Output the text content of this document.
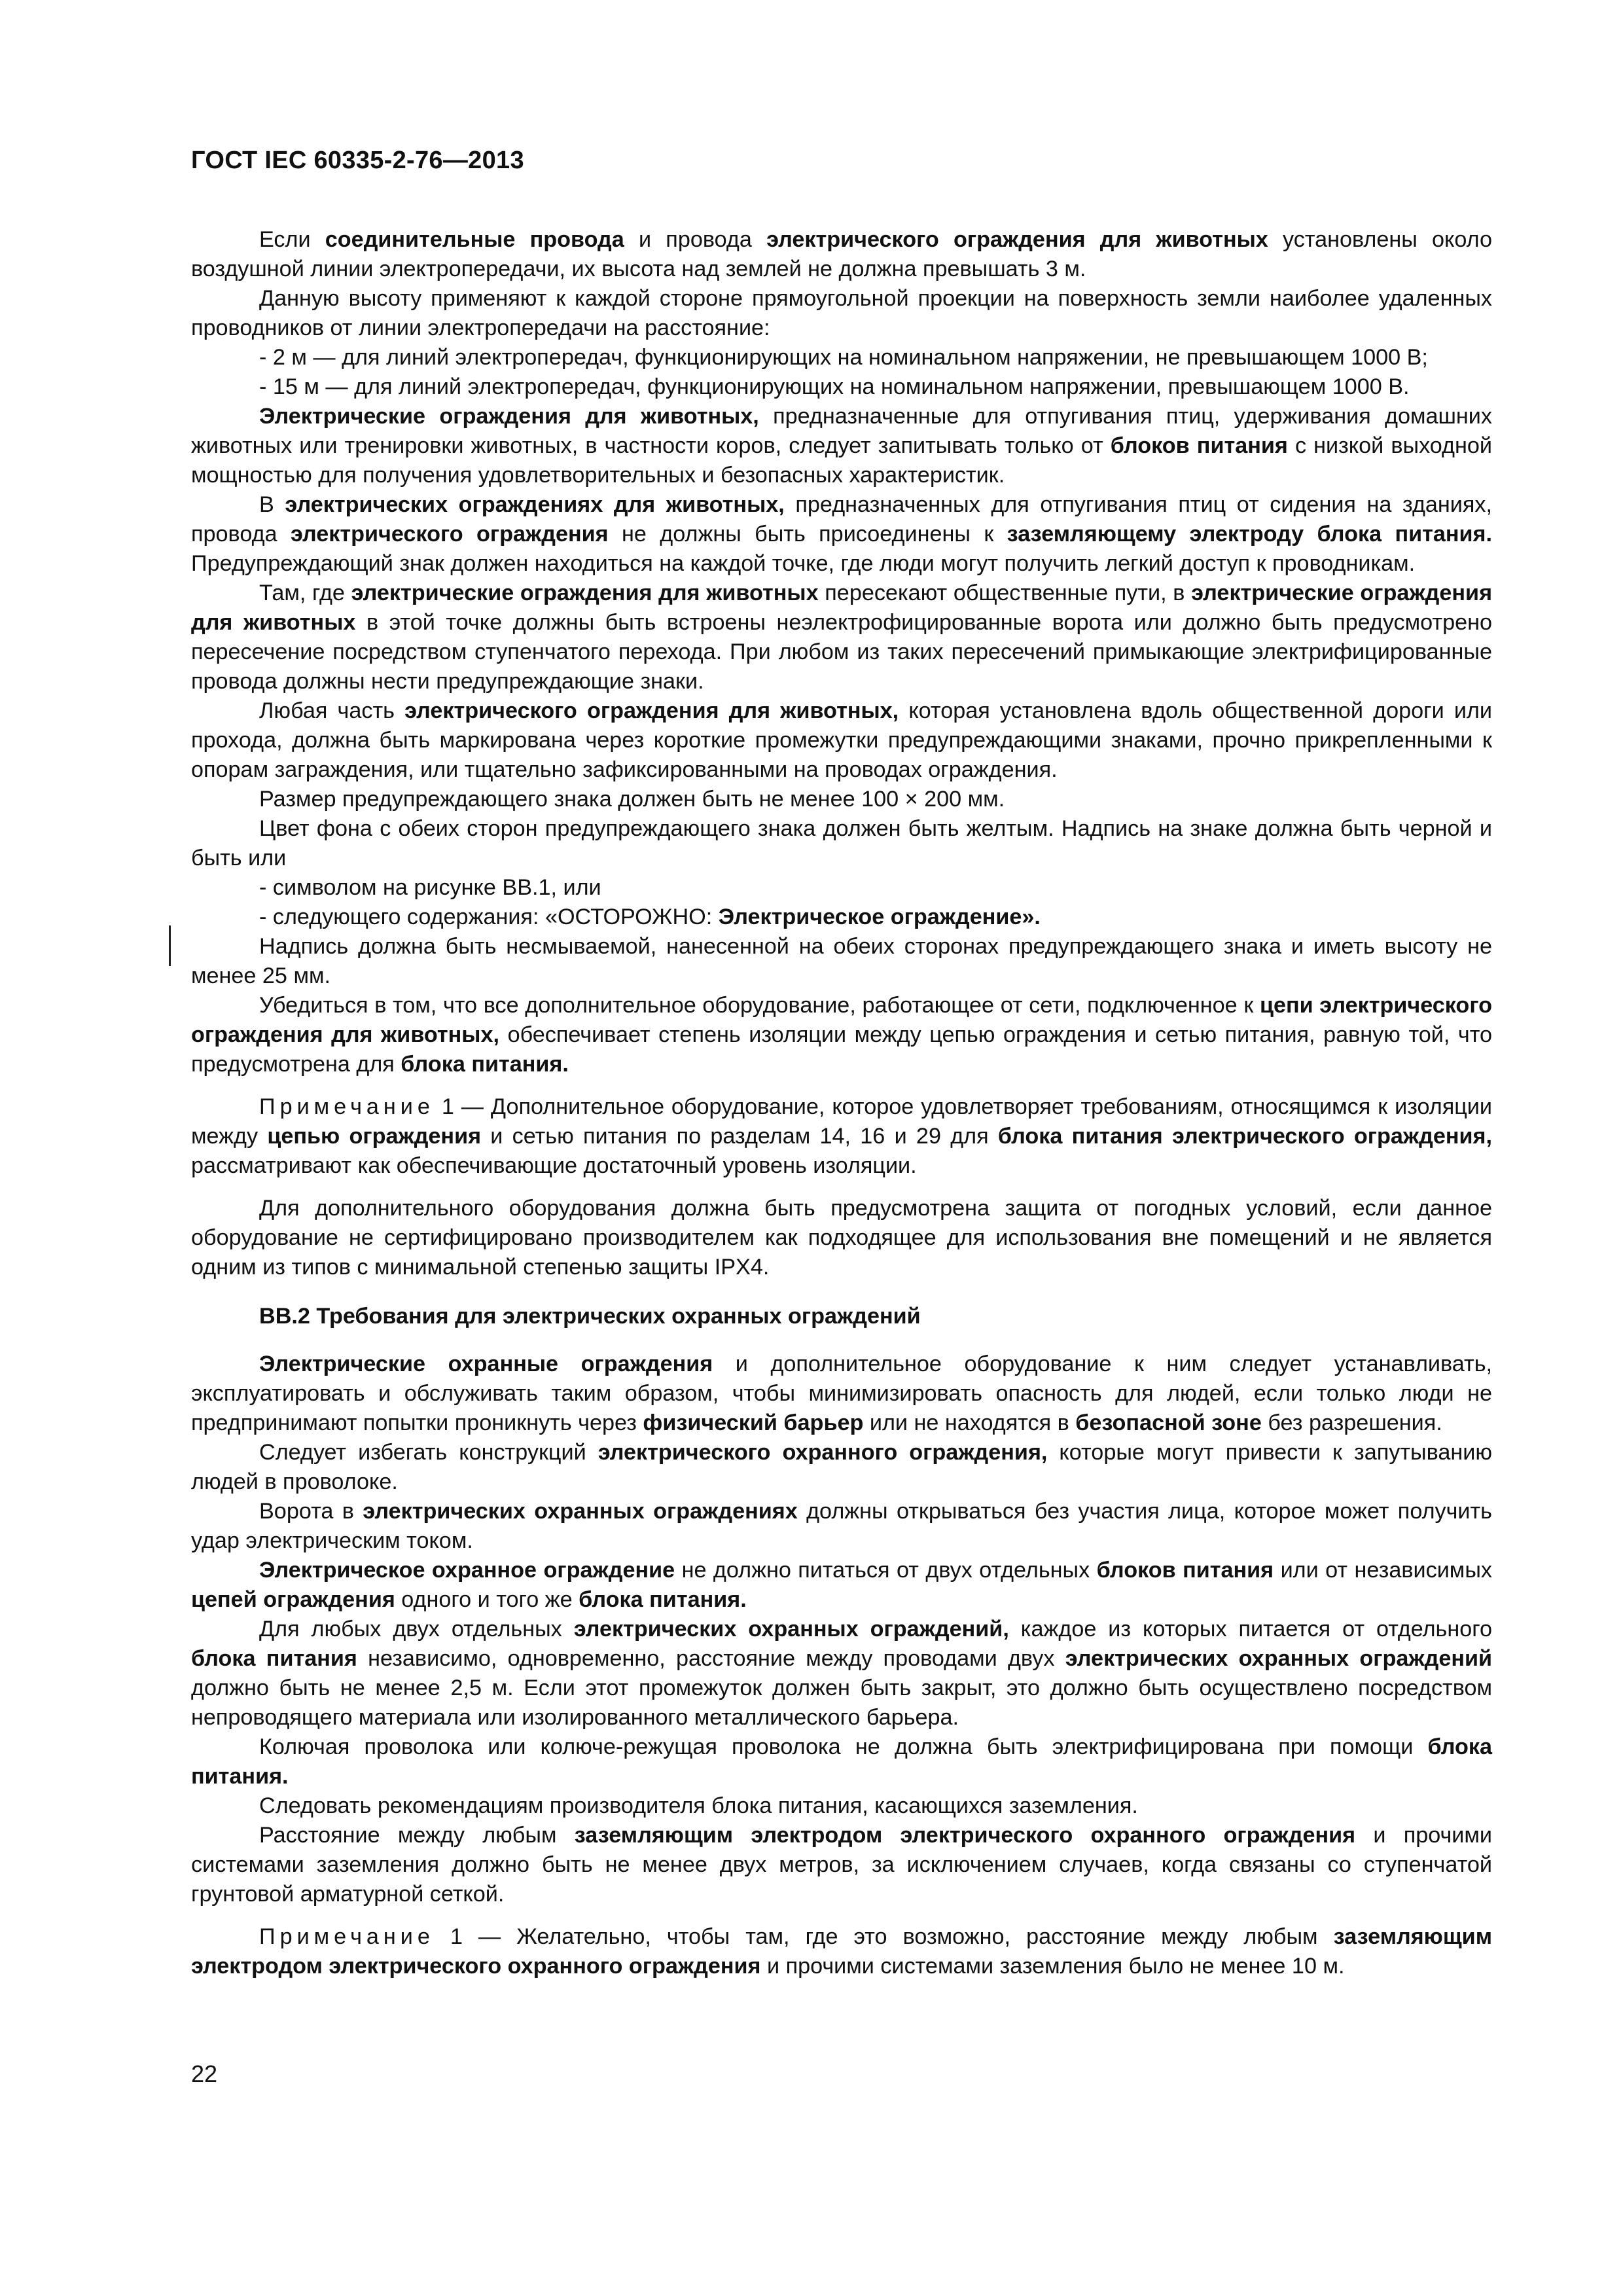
ГОСТ IEC 60335-2-76—2013

Если соединительные провода и провода электрического ограждения для животных установлены около воздушной линии электропередачи, их высота над землей не должна превышать 3 м.

Данную высоту применяют к каждой стороне прямоугольной проекции на поверхность земли наиболее удаленных проводников от линии электропередачи на расстояние:

- 2 м — для линий электропередач, функционирующих на номинальном напряжении, не превышающем 1000 В;

- 15 м — для линий электропередач, функционирующих на номинальном напряжении, превышающем 1000 В.

Электрические ограждения для животных, предназначенные для отпугивания птиц, удерживания домашних животных или тренировки животных, в частности коров, следует запитывать только от блоков питания с низкой выходной мощностью для получения удовлетворительных и безопасных характеристик.

В электрических ограждениях для животных, предназначенных для отпугивания птиц от сидения на зданиях, провода электрического ограждения не должны быть присоединены к заземляющему электроду блока питания. Предупреждающий знак должен находиться на каждой точке, где люди могут получить легкий доступ к проводникам.

Там, где электрические ограждения для животных пересекают общественные пути, в электрические ограждения для животных в этой точке должны быть встроены неэлектрофицированные ворота или должно быть предусмотрено пересечение посредством ступенчатого перехода. При любом из таких пересечений примыкающие электрифицированные провода должны нести предупреждающие знаки.

Любая часть электрического ограждения для животных, которая установлена вдоль общественной дороги или прохода, должна быть маркирована через короткие промежутки предупреждающими знаками, прочно прикрепленными к опорам заграждения, или тщательно зафиксированными на проводах ограждения.

Размер предупреждающего знака должен быть не менее 100 × 200 мм.

Цвет фона с обеих сторон предупреждающего знака должен быть желтым. Надпись на знаке должна быть черной и быть или

- символом на рисунке ВВ.1, или

- следующего содержания: «ОСТОРОЖНО: Электрическое ограждение».

Надпись должна быть несмываемой, нанесенной на обеих сторонах предупреждающего знака и иметь высоту не менее 25 мм.

Убедиться в том, что все дополнительное оборудование, работающее от сети, подключенное к цепи электрического ограждения для животных, обеспечивает степень изоляции между цепью ограждения и сетью питания, равную той, что предусмотрена для блока питания.

Примечание 1 — Дополнительное оборудование, которое удовлетворяет требованиям, относящимся к изоляции между цепью ограждения и сетью питания по разделам 14, 16 и 29 для блока питания электрического ограждения, рассматривают как обеспечивающие достаточный уровень изоляции.

Для дополнительного оборудования должна быть предусмотрена защита от погодных условий, если данное оборудование не сертифицировано производителем как подходящее для использования вне помещений и не является одним из типов с минимальной степенью защиты IPX4.

ВВ.2 Требования для электрических охранных ограждений

Электрические охранные ограждения и дополнительное оборудование к ним следует устанавливать, эксплуатировать и обслуживать таким образом, чтобы минимизировать опасность для людей, если только люди не предпринимают попытки проникнуть через физический барьер или не находятся в безопасной зоне без разрешения.

Следует избегать конструкций электрического охранного ограждения, которые могут привести к запутыванию людей в проволоке.

Ворота в электрических охранных ограждениях должны открываться без участия лица, которое может получить удар электрическим током.

Электрическое охранное ограждение не должно питаться от двух отдельных блоков питания или от независимых цепей ограждения одного и того же блока питания.

Для любых двух отдельных электрических охранных ограждений, каждое из которых питается от отдельного блока питания независимо, одновременно, расстояние между проводами двух электрических охранных ограждений должно быть не менее 2,5 м. Если этот промежуток должен быть закрыт, это должно быть осуществлено посредством непроводящего материала или изолированного металлического барьера.

Колючая проволока или колюче-режущая проволока не должна быть электрифицирована при помощи блока питания.

Следовать рекомендациям производителя блока питания, касающихся заземления.

Расстояние между любым заземляющим электродом электрического охранного ограждения и прочими системами заземления должно быть не менее двух метров, за исключением случаев, когда связаны со ступенчатой грунтовой арматурной сеткой.

Примечание 1 — Желательно, чтобы там, где это возможно, расстояние между любым заземляющим электродом электрического охранного ограждения и прочими системами заземления было не менее 10 м.

22
